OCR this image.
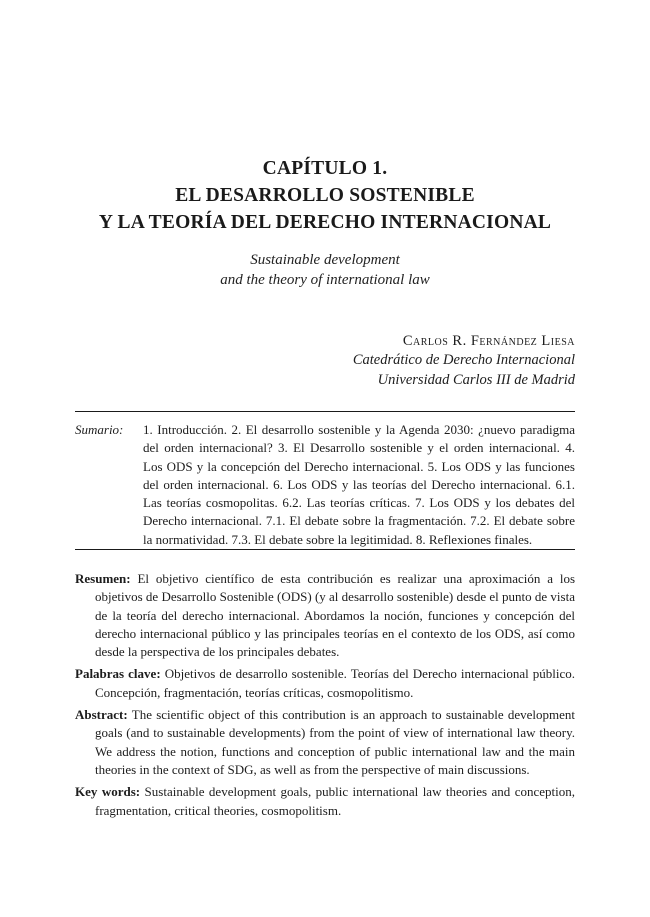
CAPÍTULO 1.
EL DESARROLLO SOSTENIBLE
Y LA TEORÍA DEL DERECHO INTERNACIONAL
Sustainable development
and the theory of international law
Carlos R. Fernández Liesa
Catedrático de Derecho Internacional
Universidad Carlos III de Madrid
Sumario: 1. Introducción. 2. El desarrollo sostenible y la Agenda 2030: ¿nuevo paradigma del orden internacional? 3. El Desarrollo sostenible y el orden internacional. 4. Los ODS y la concepción del Derecho internacional. 5. Los ODS y las funciones del orden internacional. 6. Los ODS y las teorías del Derecho internacional. 6.1. Las teorías cosmopolitas. 6.2. Las teorías críticas. 7. Los ODS y los debates del Derecho internacional. 7.1. El debate sobre la fragmentación. 7.2. El debate sobre la normatividad. 7.3. El debate sobre la legitimidad. 8. Reflexiones finales.
Resumen: El objetivo científico de esta contribución es realizar una aproximación a los objetivos de Desarrollo Sostenible (ODS) (y al desarrollo sostenible) desde el punto de vista de la teoría del derecho internacional. Abordamos la noción, funciones y concepción del derecho internacional público y las principales teorías en el contexto de los ODS, así como desde la perspectiva de los principales debates.
Palabras clave: Objetivos de desarrollo sostenible. Teorías del Derecho internacional público. Concepción, fragmentación, teorías críticas, cosmopolitismo.
Abstract: The scientific object of this contribution is an approach to sustainable development goals (and to sustainable developments) from the point of view of international law theory. We address the notion, functions and conception of public international law and the main theories in the context of SDG, as well as from the perspective of main discussions.
Key words: Sustainable development goals, public international law theories and conception, fragmentation, critical theories, cosmopolitism.
